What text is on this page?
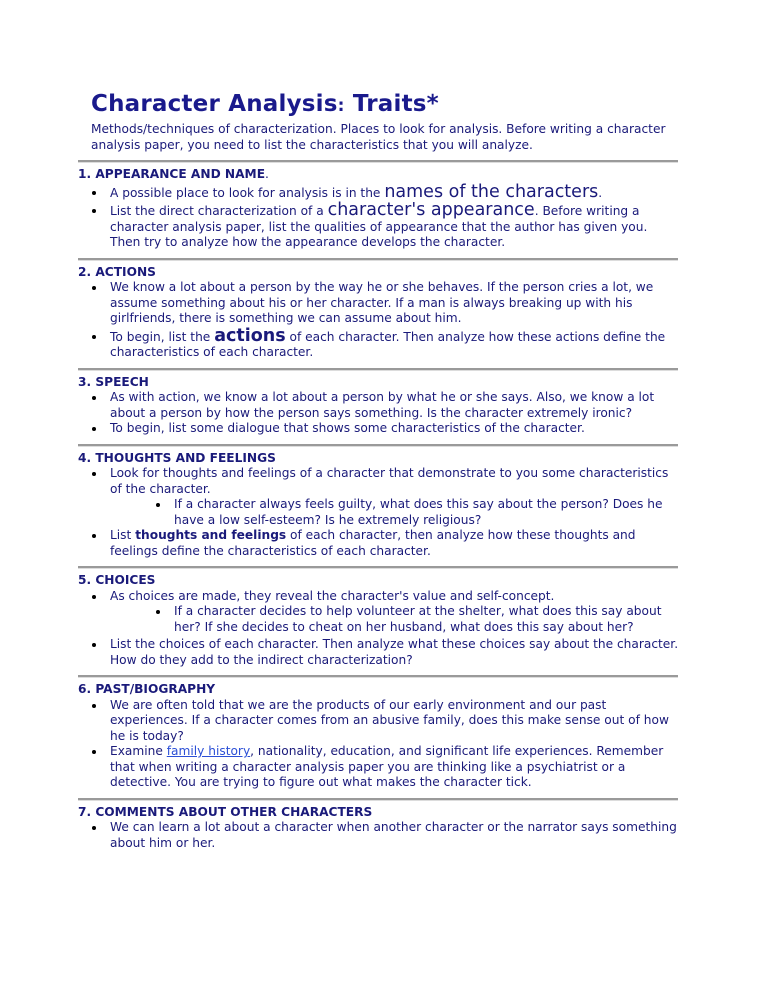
Character Analysis: Traits*

Methods/techniques of characterization. Places to look for analysis. Before writing a character analysis paper, you need to list the characteristics that you will analyze.

1. APPEARANCE AND NAME.
A possible place to look for analysis is in the names of the characters.
List the direct characterization of a character's appearance. Before writing a character analysis paper, list the qualities of appearance that the author has given you. Then try to analyze how the appearance develops the character.
2. ACTIONS
We know a lot about a person by the way he or she behaves. If the person cries a lot, we assume something about his or her character. If a man is always breaking up with his girlfriends, there is something we can assume about him.
To begin, list the actions of each character. Then analyze how these actions define the characteristics of each character.
3. SPEECH
As with action, we know a lot about a person by what he or she says. Also, we know a lot about a person by how the person says something. Is the character extremely ironic?
To begin, list some dialogue that shows some characteristics of the character.
4. THOUGHTS AND FEELINGS
Look for thoughts and feelings of a character that demonstrate to you some characteristics of the character.
If a character always feels guilty, what does this say about the person? Does he have a low self-esteem? Is he extremely religious?
List thoughts and feelings of each character, then analyze how these thoughts and feelings define the characteristics of each character.
5. CHOICES
As choices are made, they reveal the character's value and self-concept.
If a character decides to help volunteer at the shelter, what does this say about her? If she decides to cheat on her husband, what does this say about her?
List the choices of each character. Then analyze what these choices say about the character. How do they add to the indirect characterization?
6. PAST/BIOGRAPHY
We are often told that we are the products of our early environment and our past experiences. If a character comes from an abusive family, does this make sense out of how he is today?
Examine family history, nationality, education, and significant life experiences. Remember that when writing a character analysis paper you are thinking like a psychiatrist or a detective. You are trying to figure out what makes the character tick.
7. COMMENTS ABOUT OTHER CHARACTERS
We can learn a lot about a character when another character or the narrator says something about him or her.
